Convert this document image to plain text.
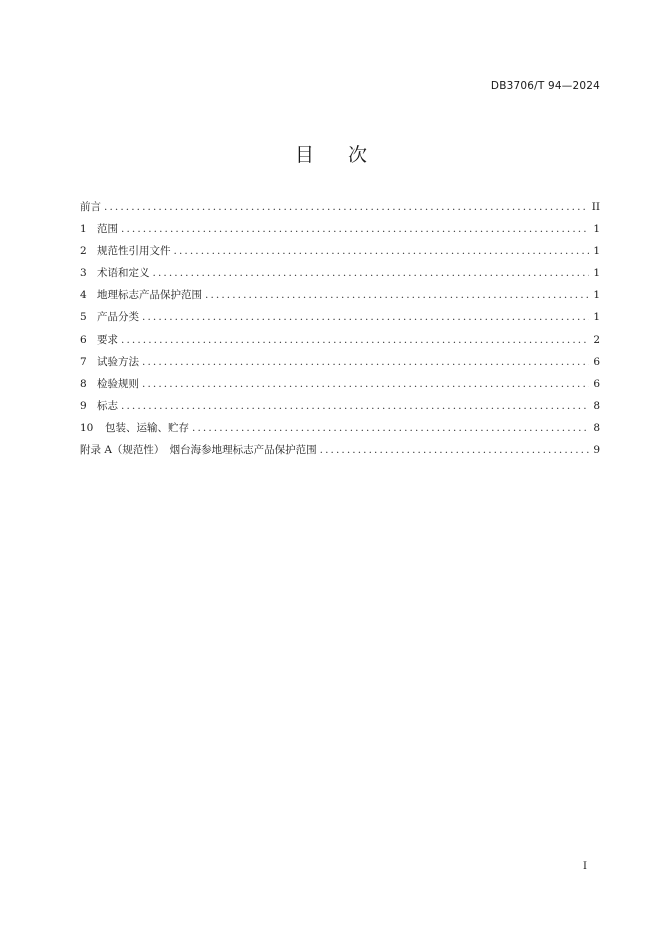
DB3706/T 94—2024
目 次
前言 .....	II
1 范围 .....	1
2 规范性引用文件 .....	1
3 术语和定义 .....	1
4 地理标志产品保护范围 .....	1
5 产品分类 .....	1
6 要求 .....	2
7 试验方法 .....	6
8 检验规则 .....	6
9 标志 .....	8
10	包装、运输、贮存 .....	8
附录 A（规范性）　烟台海参地理标志产品保护范围 .....	9
I
